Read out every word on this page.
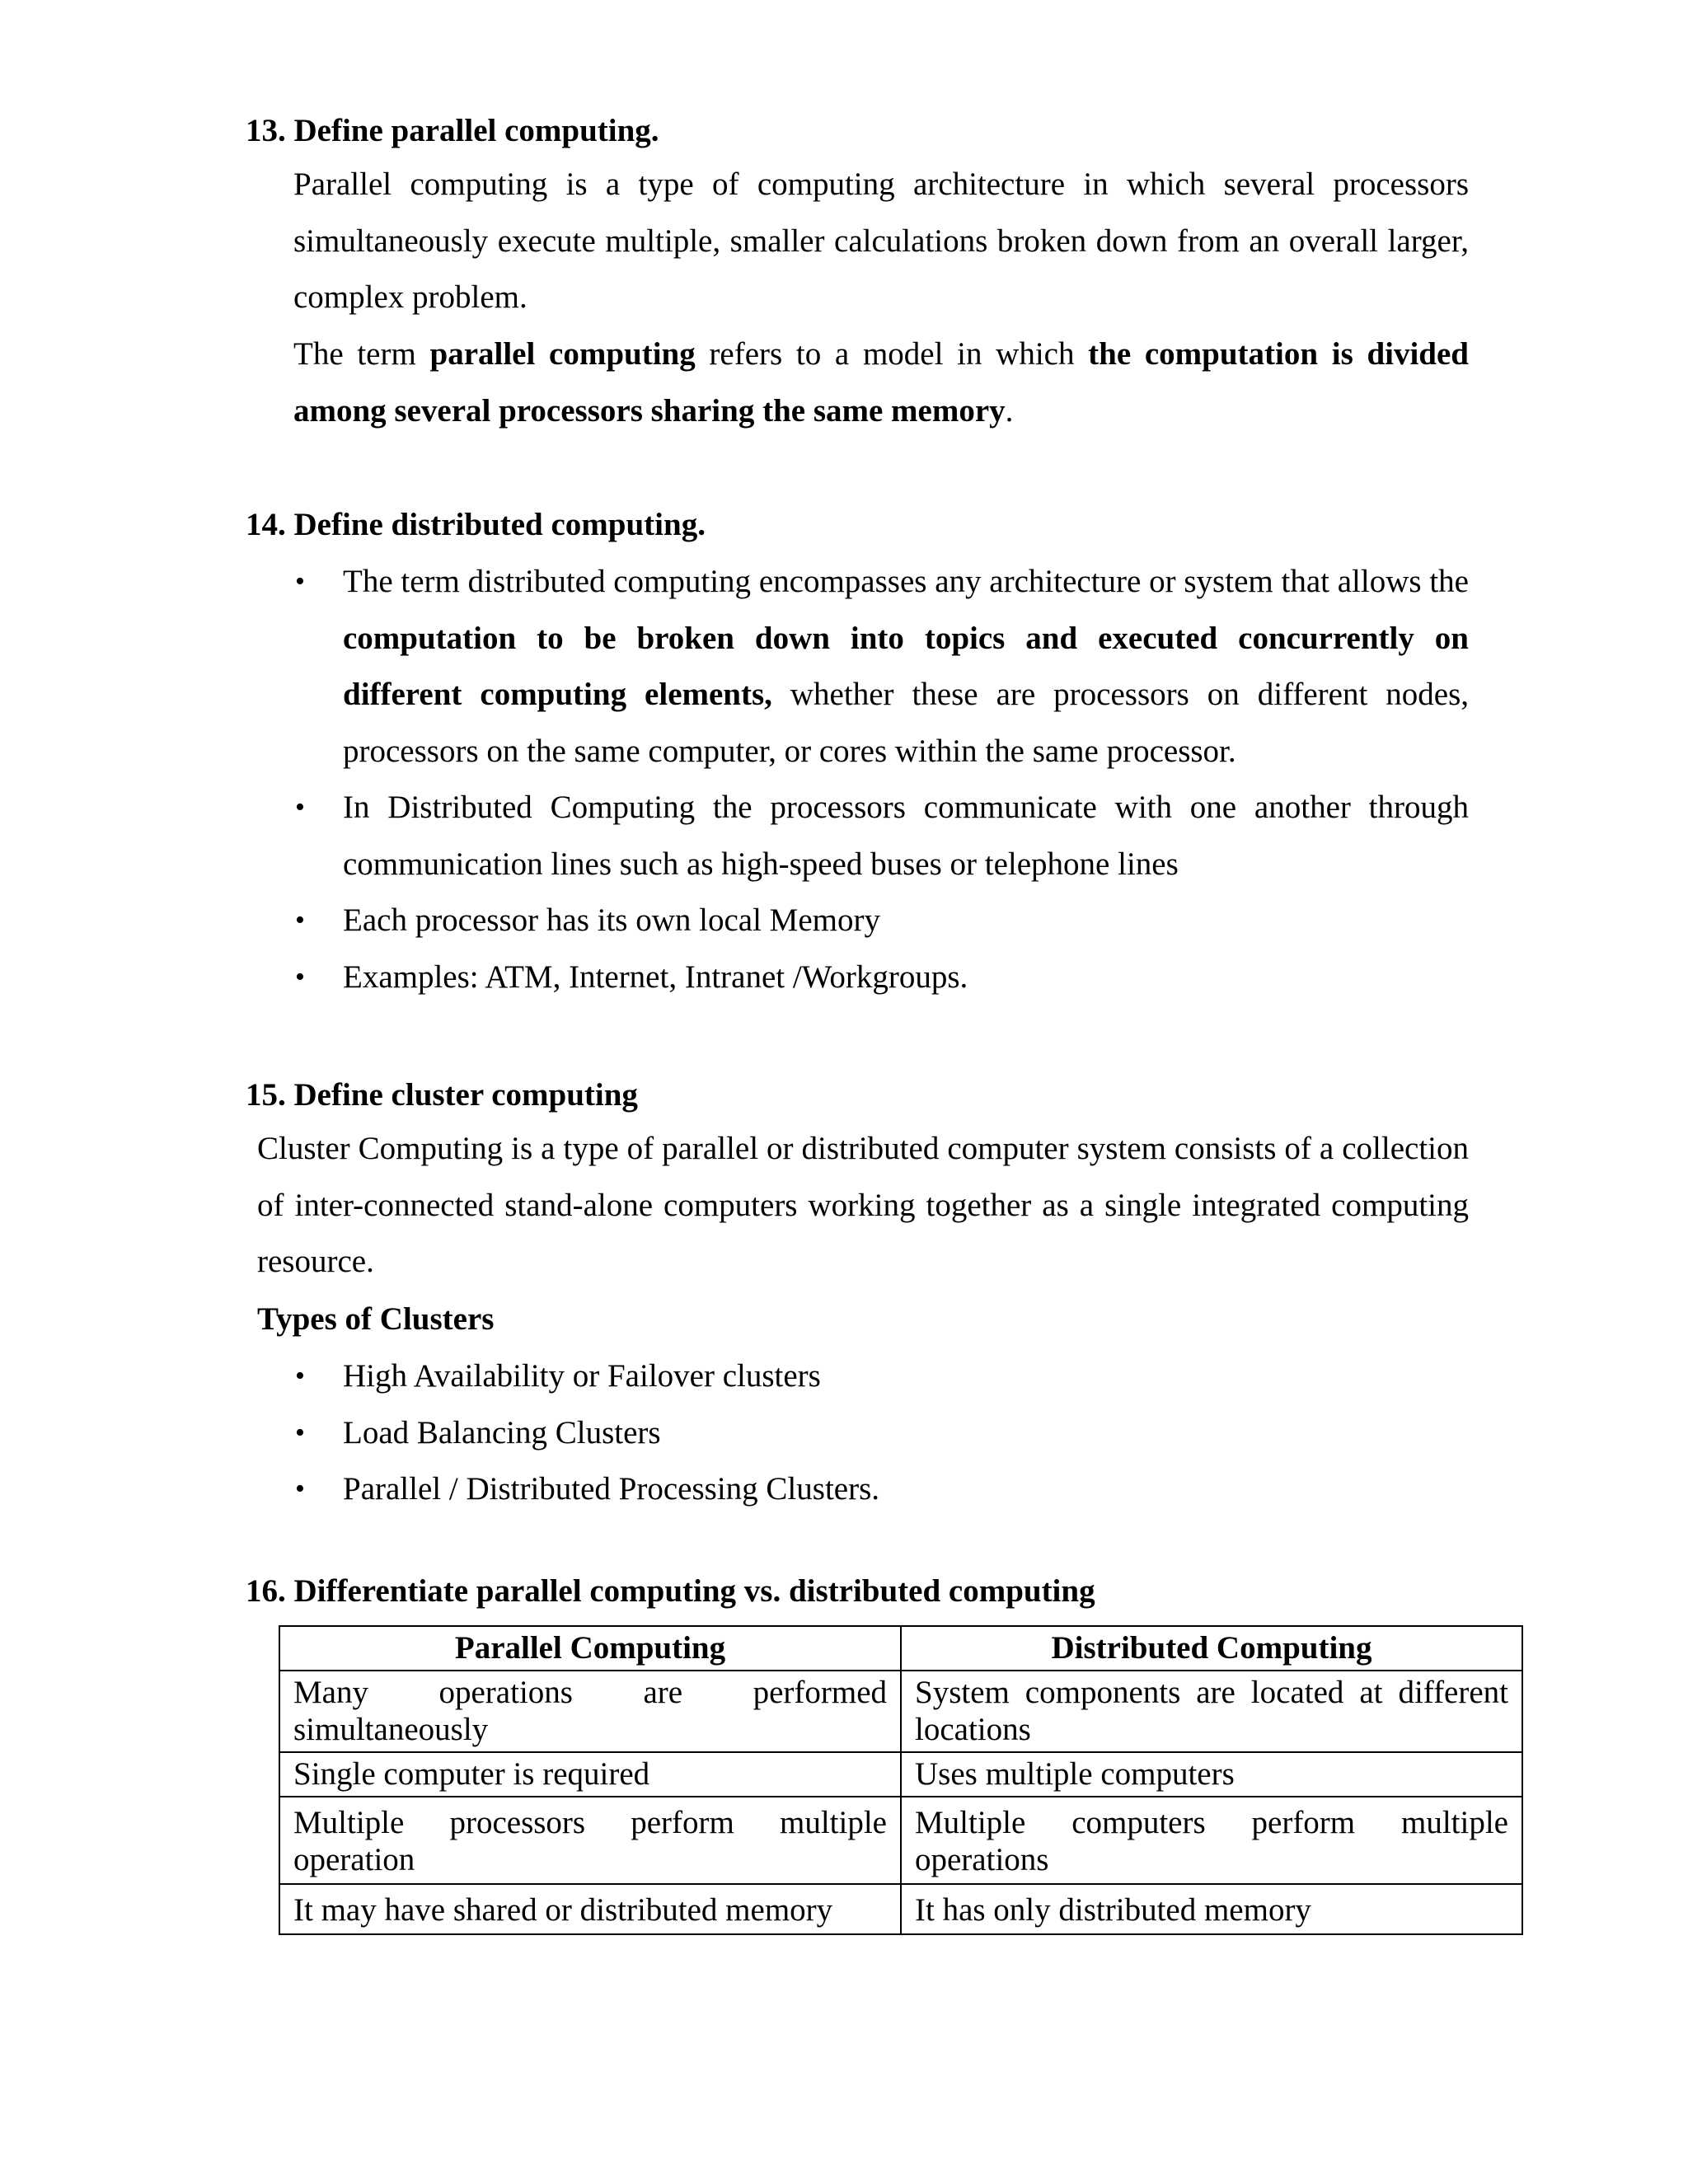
13. Define parallel computing.

Parallel computing is a type of computing architecture in which several processors simultaneously execute multiple, smaller calculations broken down from an overall larger, complex problem.

The term parallel computing refers to a model in which the computation is divided among several processors sharing the same memory.

14. Define distributed computing.
• The term distributed computing encompasses any architecture or system that allows the computation to be broken down into topics and executed concurrently on different computing elements, whether these are processors on different nodes, processors on the same computer, or cores within the same processor.
• In Distributed Computing the processors communicate with one another through communication lines such as high-speed buses or telephone lines
• Each processor has its own local Memory
• Examples: ATM, Internet, Intranet /Workgroups.
15. Define cluster computing

Cluster Computing is a type of parallel or distributed computer system consists of a collection of inter-connected stand-alone computers working together as a single integrated computing resource.

Types of Clusters
• High Availability or Failover clusters
• Load Balancing Clusters
• Parallel / Distributed Processing Clusters.
16. Differentiate parallel computing vs. distributed computing
Parallel Computing	Distributed Computing
Many operations are performed simultaneously	System components are located at different locations
Single computer is required	Uses multiple computers
Multiple processors perform multiple operation	Multiple computers perform multiple operations
It may have shared or distributed memory	It has only distributed memory
